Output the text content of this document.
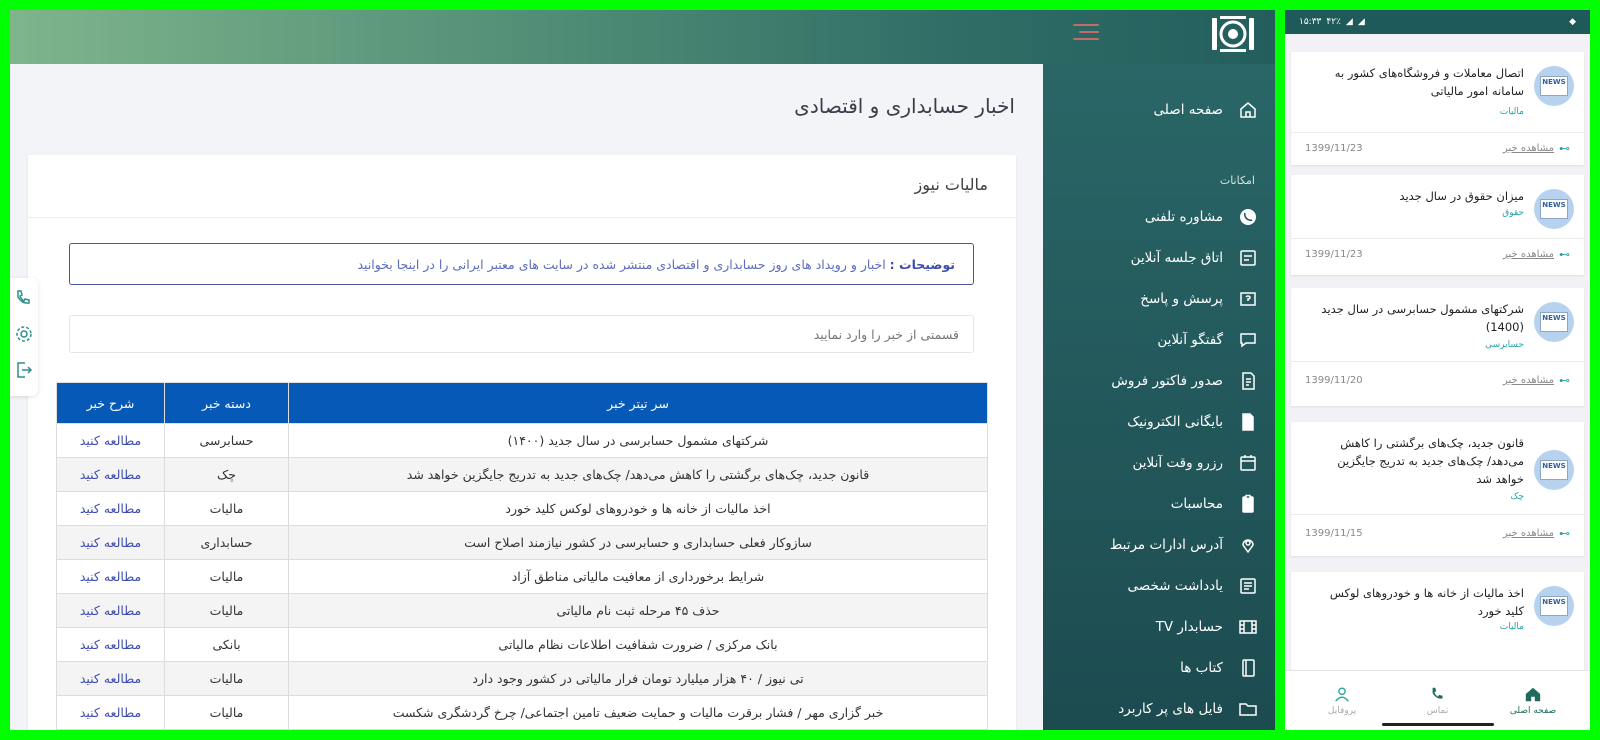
صفحه اصلی
امکانات
مشاوره تلفنی
اتاق جلسه آنلاین
پرسش و پاسخ
گفتگو آنلاین
صدور فاکتور فروش
بایگانی الکترونیک
رزرو وقت آنلاین
محاسبات
آدرس ادارات مرتبط
یادداشت شخصی
حسابدار TV
کتاب ها
فایل های پر کاربرد
اخبار حسابداری و اقتصادی
مالیات نیوز
توضیحات :
اخبار و رویداد های روز حسابداری و اقتصادی منتشر شده در سایت های معتبر ایرانی را در اینجا بخوانید
قسمتی از خبر را وارد نمایید
سر تیتر خبر	دسته خبر	شرح خبر
شرکتهای مشمول حسابرسی در سال جدید (۱۴۰۰)	حسابرسی	مطالعه کنید
قانون جدید، چک‌های برگشتی را کاهش می‌دهد/ چک‌های جدید به تدریج جایگزین خواهد شد	چک	مطالعه کنید
اخذ مالیات از خانه ها و خودروهای لوکس کلید خورد	مالیات	مطالعه کنید
سازوکار فعلی حسابداری و حسابرسی در کشور نیازمند اصلاح است	حسابداری	مطالعه کنید
شرایط برخورداری از معافیت مالیاتی مناطق آزاد	مالیات	مطالعه کنید
حذف ۴۵ مرحله ثبت نام مالیاتی	مالیات	مطالعه کنید
بانک مرکزی / ضرورت شفافیت اطلاعات نظام مالیاتی	بانکی	مطالعه کنید
تی نیوز / ۴۰ هزار میلیارد تومان فرار مالیاتی در کشور وجود دارد	مالیات	مطالعه کنید
خبر گزاری مهر / فشار برقرت مالیات و حمایت ضعیف تامین اجتماعی/ چرخ گردشگری شکست	مالیات	مطالعه کنید
۱۵:۳۳ ۴۲٪ ◢ ◢	◆
NEWS
اتصال معاملات و فروشگاه‌های کشور به سامانه امور مالیاتی
مالیات
⊶
مشاهده خبر
1399/11/23
NEWS
میزان حقوق در سال جدید
حقوق
⊶
مشاهده خبر
1399/11/23
NEWS
شرکتهای مشمول حسابرسی در سال جدید (1400)
حسابرسی
⊶
مشاهده خبر
1399/11/20
NEWS
قانون جدید، چک‌های برگشتی را کاهش می‌دهد/ چک‌های جدید به تدریج جایگزین خواهد شد
چک
⊶
مشاهده خبر
1399/11/15
NEWS
اخذ مالیات از خانه ها و خودروهای لوکس کلید خورد
مالیات
صفحه اصلی
تماس
پروفایل
